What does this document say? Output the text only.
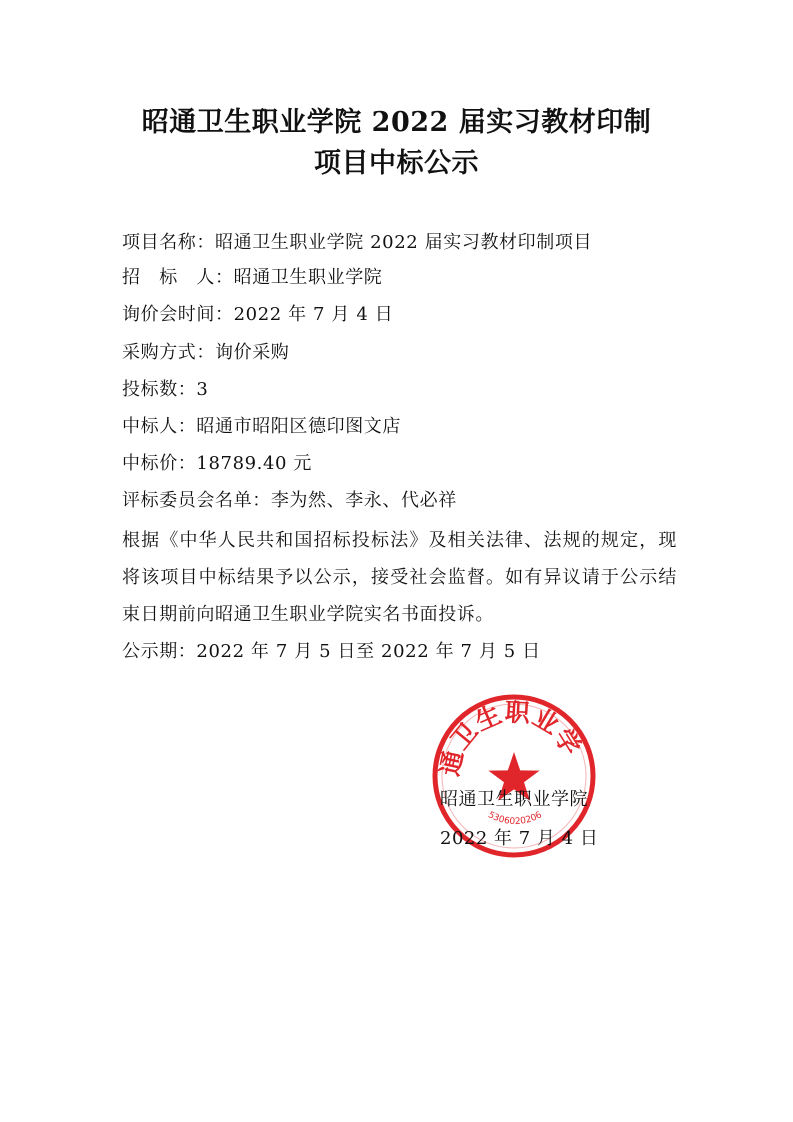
昭通卫生职业学院 2022 届实习教材印制
项目中标公示

项目名称：昭通卫生职业学院 2022 届实习教材印制项目

招　标　人：昭通卫生职业学院

询价会时间：2022 年 7 月 4 日

采购方式：询价采购

投标数：3

中标人：昭通市昭阳区德印图文店

中标价：18789.40 元

评标委员会名单：李为然、李永、代必祥

根据《中华人民共和国招标投标法》及相关法律、法规的规定，现将该项目中标结果予以公示，接受社会监督。如有异议请于公示结束日期前向昭通卫生职业学院实名书面投诉。
公示期：2022 年 7 月 5 日至 2022 年 7 月 5 日
昭通卫生职业学院
5306020206

昭通卫生职业学院

2022 年 7 月 4 日
